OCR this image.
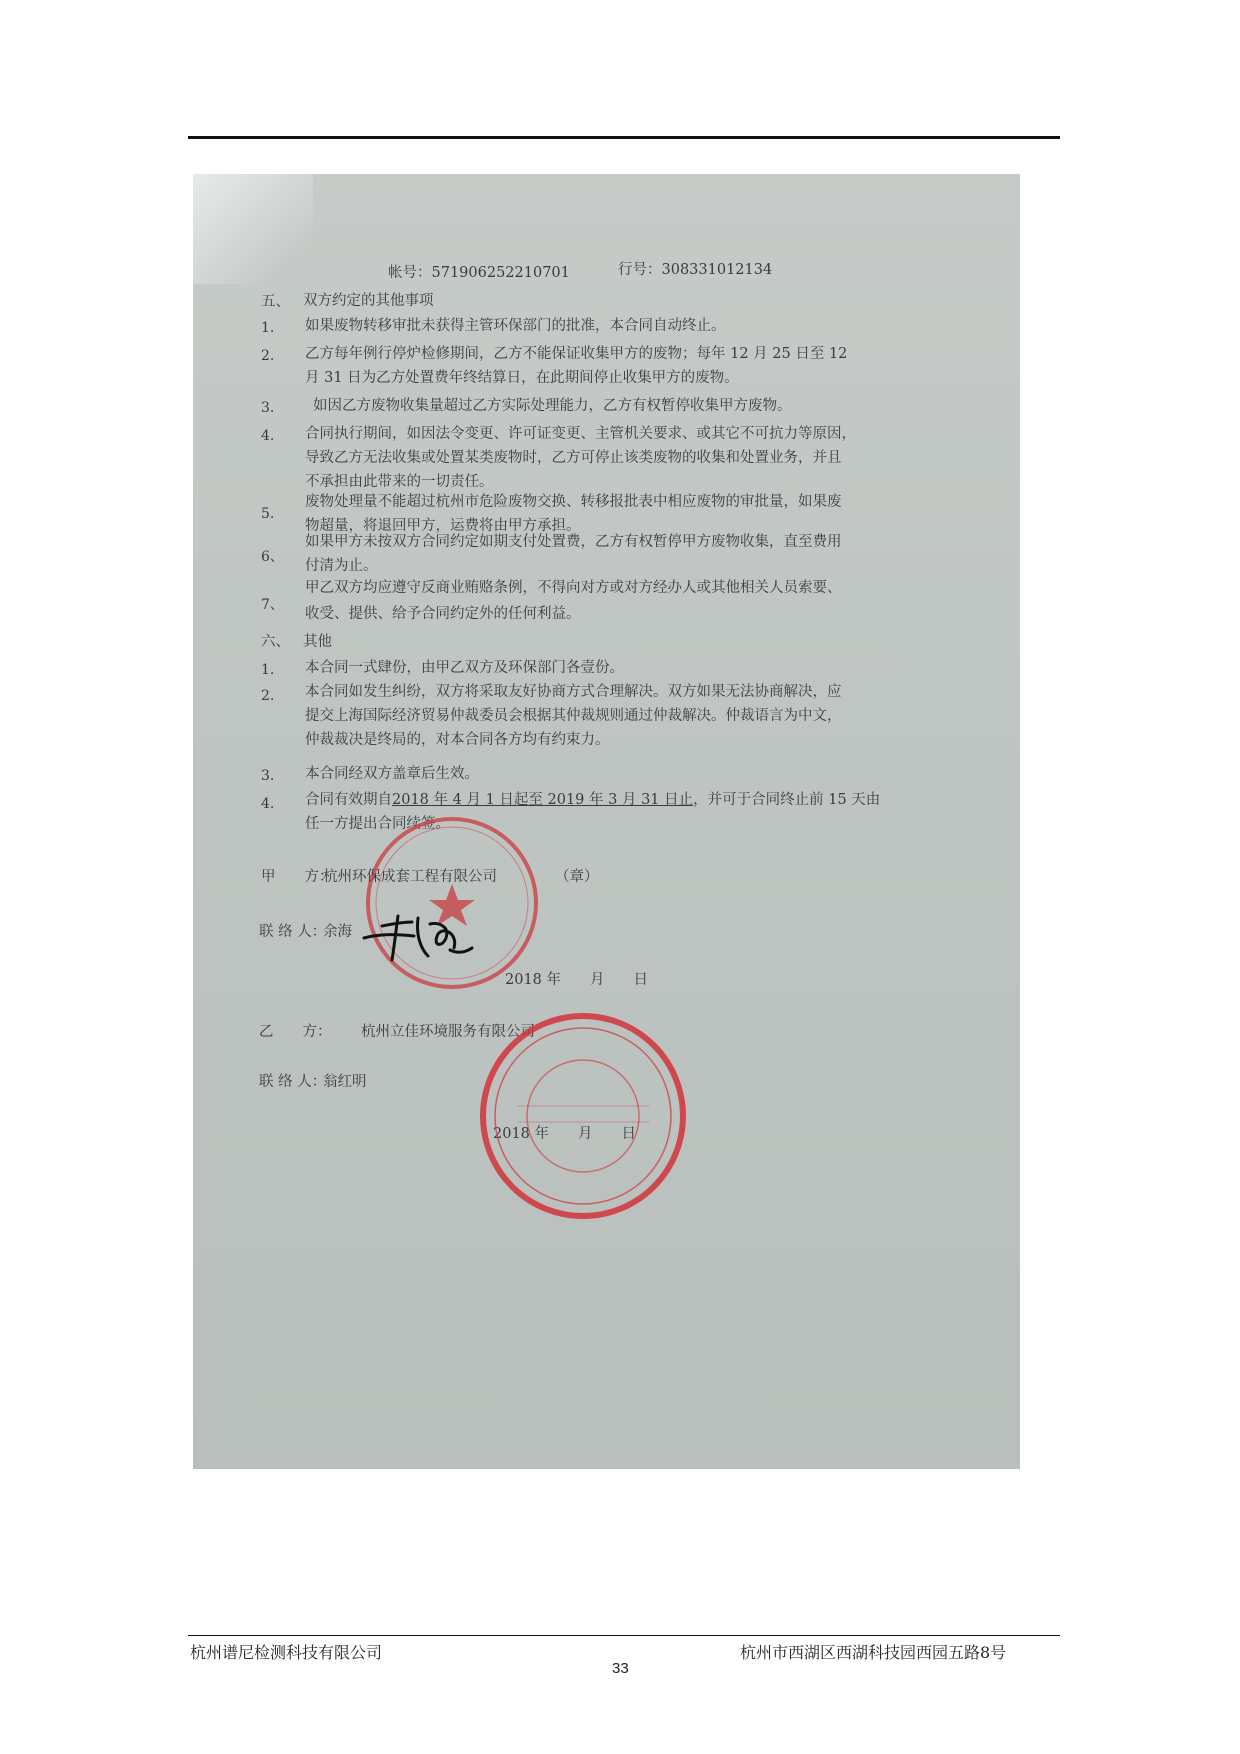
帐号：571906252210701	行号：308331012134
五、 双方约定的其他事项
1. 如果废物转移审批未获得主管环保部门的批准，本合同自动终止。
2. 乙方每年例行停炉检修期间，乙方不能保证收集甲方的废物；每年 12 月 25 日至 12
月 31 日为乙方处置费年终结算日，在此期间停止收集甲方的废物。
3.	如因乙方废物收集量超过乙方实际处理能力，乙方有权暂停收集甲方废物。
4. 合同执行期间，如因法令变更、许可证变更、主管机关要求、或其它不可抗力等原因，
导致乙方无法收集或处置某类废物时，乙方可停止该类废物的收集和处置业务，并且
不承担由此带来的一切责任。
5.
废物处理量不能超过杭州市危险废物交换、转移报批表中相应废物的审批量，如果废
物超量，将退回甲方，运费将由甲方承担。
6、
如果甲方未按双方合同约定如期支付处置费，乙方有权暂停甲方废物收集，直至费用
付清为止。
7、
甲乙双方均应遵守反商业贿赂条例，不得向对方或对方经办人或其他相关人员索要、
收受、提供、给予合同约定外的任何利益。
六、 其他
1. 本合同一式肆份，由甲乙双方及环保部门各壹份。
2. 本合同如发生纠纷，双方将采取友好协商方式合理解决。双方如果无法协商解决，应
提交上海国际经济贸易仲裁委员会根据其仲裁规则通过仲裁解决。仲裁语言为中文，
仲裁裁决是终局的，对本合同各方均有约束力。
3. 本合同经双方盖章后生效。
4. 合同有效期自2018 年 4 月 1 日起至 2019 年 3 月 31 日止，并可于合同终止前 15 天由
任一方提出合同续签。
甲　　方：
杭州环保成套工程有限公司	（章）
联 络 人：
余海
2018 年　　月　　日
乙　　方： 杭州立佳环境服务有限公司
联 络 人：
翁红明
2018 年　　月　　日
杭州谱尼检测科技有限公司	杭州市西湖区西湖科技园西园五路8号
33
